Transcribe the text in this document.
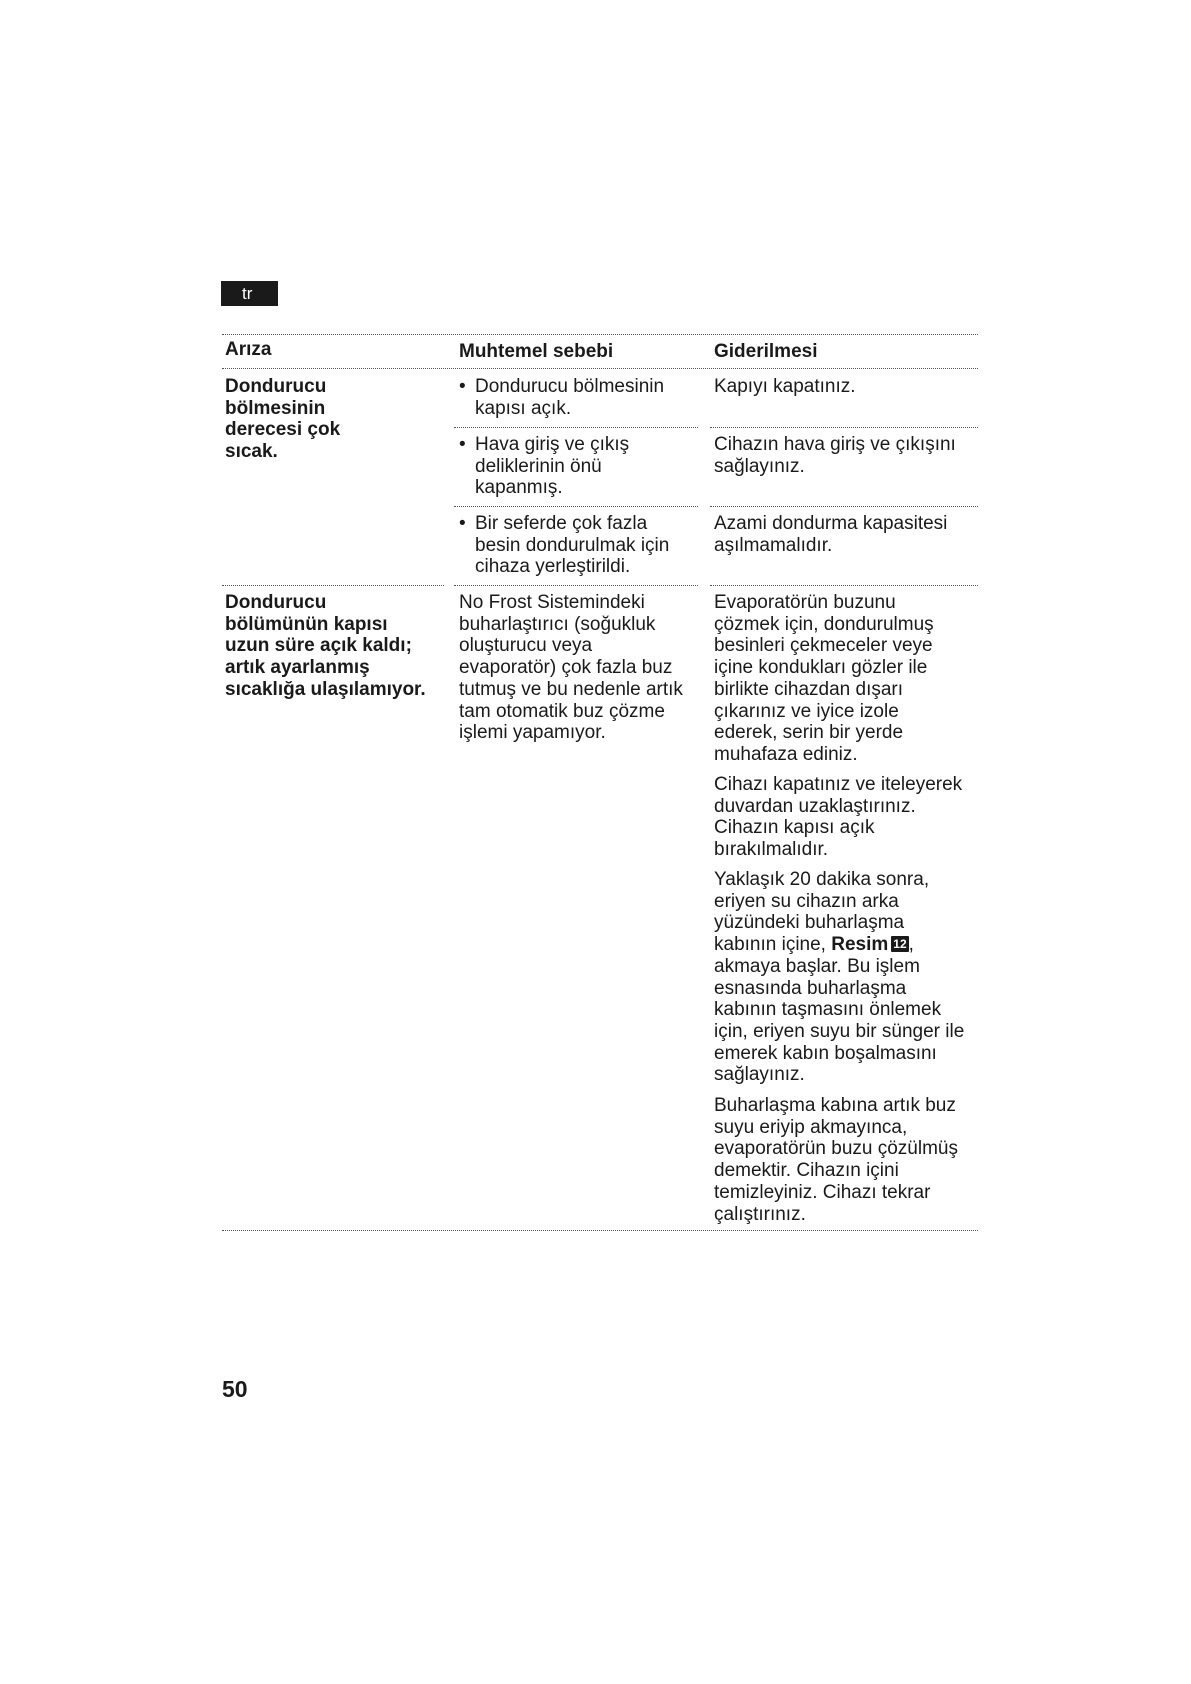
tr
Arıza	Muhtemel sebebi	Giderilmesi
Dondurucu
bölmesinin
derecesi çok
sıcak.
• Dondurucu bölmesinin
kapısı açık.
Kapıyı kapatınız.
• Hava giriş ve çıkış
deliklerinin önü
kapanmış.
Cihazın hava giriş ve çıkışını
sağlayınız.
• Bir seferde çok fazla
besin dondurulmak için
cihaza yerleştirildi.
Azami dondurma kapasitesi
aşılmamalıdır.
Dondurucu
bölümünün kapısı
uzun süre açık kaldı;
artık ayarlanmış
sıcaklığa ulaşılamıyor.
No Frost Sistemindeki
buharlaştırıcı (soğukluk
oluşturucu veya
evaporatör) çok fazla buz
tutmuş ve bu nedenle artık
tam otomatik buz çözme
işlemi yapamıyor.
Evaporatörün buzunu
çözmek için, dondurulmuş
besinleri çekmeceler veye
içine kondukları gözler ile
birlikte cihazdan dışarı
çıkarınız ve iyice izole
ederek, serin bir yerde
muhafaza ediniz.
Cihazı kapatınız ve iteleyerek
duvardan uzaklaştırınız.
Cihazın kapısı açık
bırakılmalıdır.
Yaklaşık 20 dakika sonra,
eriyen su cihazın arka
yüzündeki buharlaşma
kabının içine, Resim 12 ,
akmaya başlar. Bu işlem
esnasında buharlaşma
kabının taşmasını önlemek
için, eriyen suyu bir sünger ile
emerek kabın boşalmasını
sağlayınız.
Buharlaşma kabına artık buz
suyu eriyip akmayınca,
evaporatörün buzu çözülmüş
demektir. Cihazın içini
temizleyiniz. Cihazı tekrar
çalıştırınız.
50
